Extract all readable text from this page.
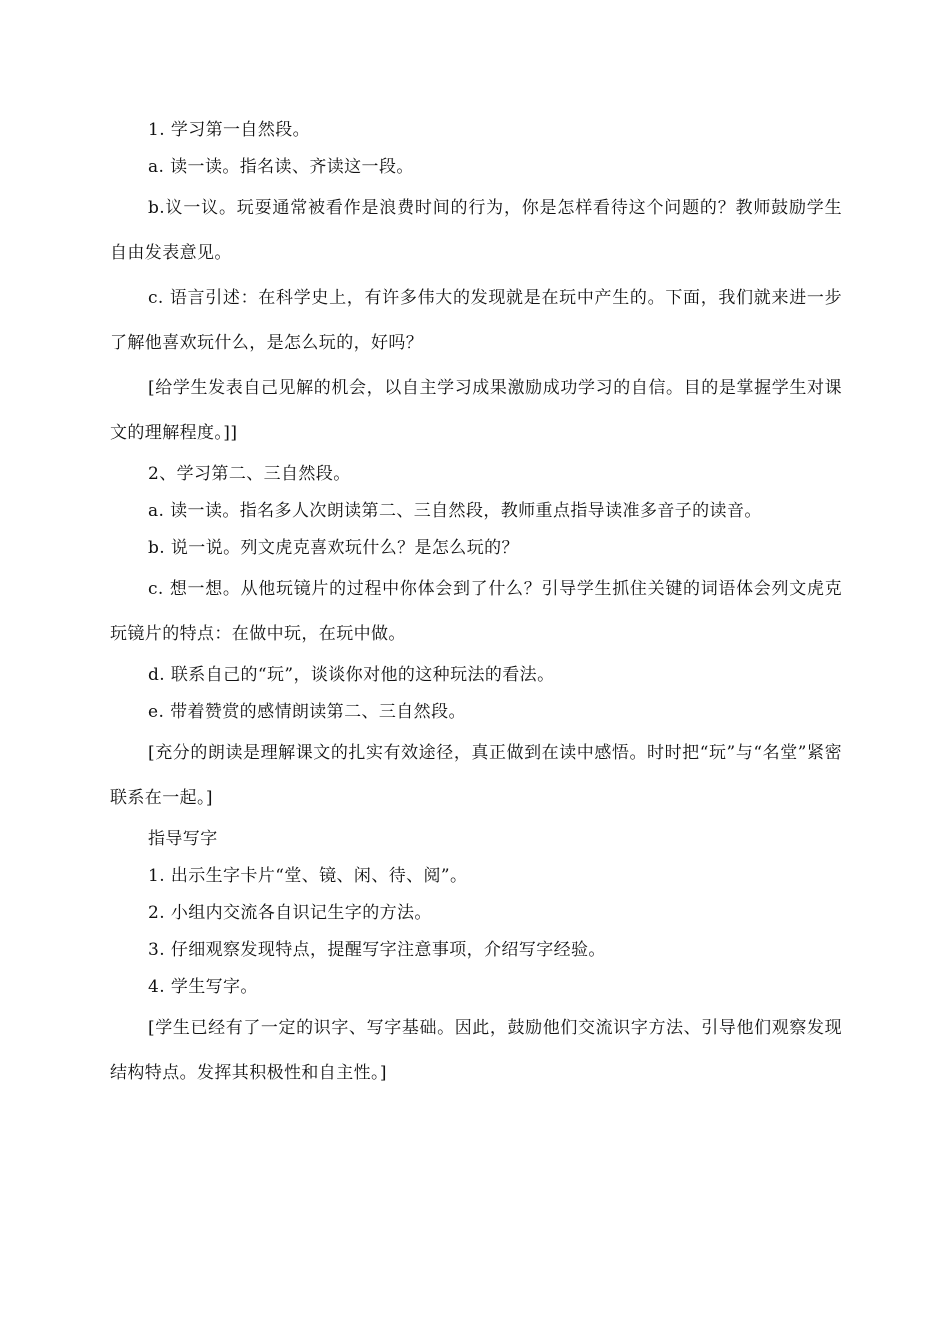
1. 学习第一自然段。

a. 读一读。指名读、齐读这一段。

b.议一议。玩耍通常被看作是浪费时间的行为，你是怎样看待这个问题的？教师鼓励学生自由发表意见。

c. 语言引述：在科学史上，有许多伟大的发现就是在玩中产生的。下面，我们就来进一步了解他喜欢玩什么，是怎么玩的，好吗？

[给学生发表自己见解的机会，以自主学习成果激励成功学习的自信。目的是掌握学生对课文的理解程度。]]

2、学习第二、三自然段。

a. 读一读。指名多人次朗读第二、三自然段，教师重点指导读准多音子的读音。

b. 说一说。列文虎克喜欢玩什么？是怎么玩的？

c. 想一想。从他玩镜片的过程中你体会到了什么？引导学生抓住关键的词语体会列文虎克玩镜片的特点：在做中玩，在玩中做。

d. 联系自己的“玩”，谈谈你对他的这种玩法的看法。

e. 带着赞赏的感情朗读第二、三自然段。

[充分的朗读是理解课文的扎实有效途径，真正做到在读中感悟。时时把“玩”与“名堂”紧密联系在一起。]

指导写字

1. 出示生字卡片“堂、镜、闲、待、阅”。

2. 小组内交流各自识记生字的方法。

3. 仔细观察发现特点，提醒写字注意事项，介绍写字经验。

4. 学生写字。

[学生已经有了一定的识字、写字基础。因此，鼓励他们交流识字方法、引导他们观察发现结构特点。发挥其积极性和自主性。]
